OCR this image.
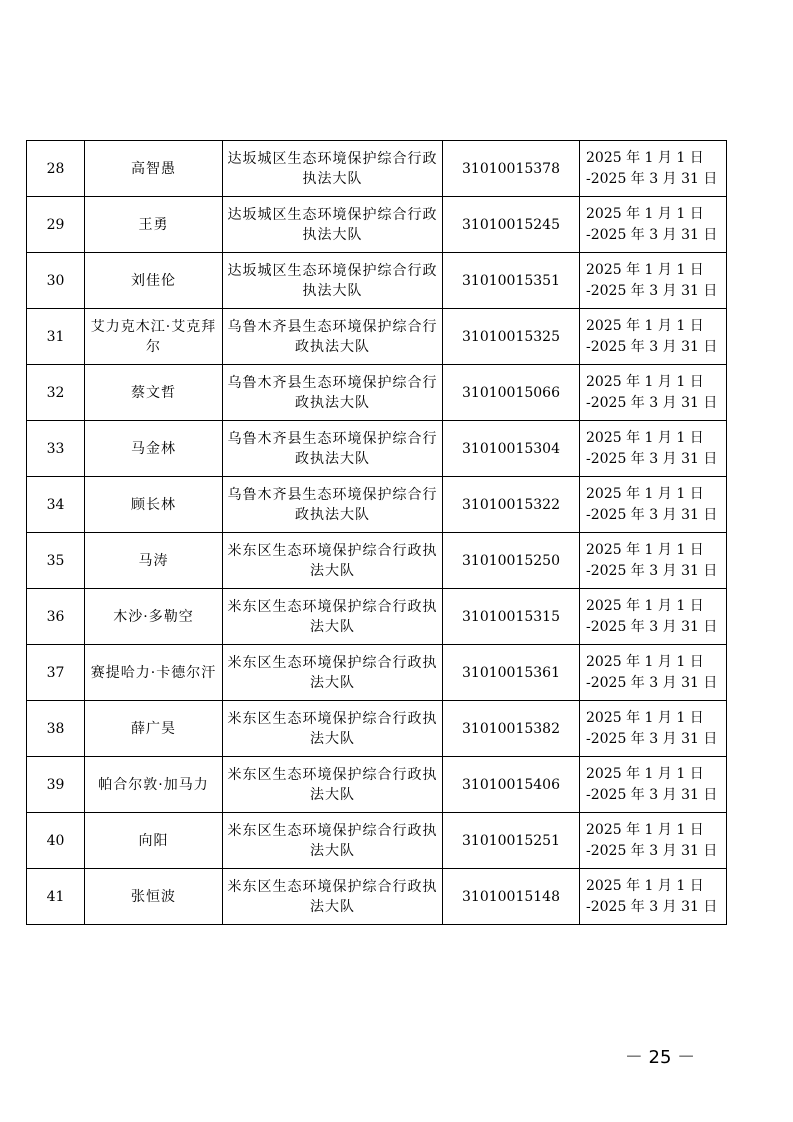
28	高智愚	达坂城区生态环境保护综合行政执法大队	31010015378	2025 年 1 月 1 日
-2025 年 3 月 31 日

29	王勇	达坂城区生态环境保护综合行政执法大队	31010015245	2025 年 1 月 1 日
-2025 年 3 月 31 日

30	刘佳伦	达坂城区生态环境保护综合行政执法大队	31010015351	2025 年 1 月 1 日
-2025 年 3 月 31 日

31	艾力克木江·艾克拜尔	乌鲁木齐县生态环境保护综合行政执法大队	31010015325	2025 年 1 月 1 日
-2025 年 3 月 31 日

32	蔡文哲	乌鲁木齐县生态环境保护综合行政执法大队	31010015066	2025 年 1 月 1 日
-2025 年 3 月 31 日

33	马金林	乌鲁木齐县生态环境保护综合行政执法大队	31010015304	2025 年 1 月 1 日
-2025 年 3 月 31 日

34	顾长林	乌鲁木齐县生态环境保护综合行政执法大队	31010015322	2025 年 1 月 1 日
-2025 年 3 月 31 日

35	马涛	米东区生态环境保护综合行政执法大队	31010015250	2025 年 1 月 1 日
-2025 年 3 月 31 日

36	木沙·多勒空	米东区生态环境保护综合行政执法大队	31010015315	2025 年 1 月 1 日
-2025 年 3 月 31 日

37	赛提哈力·卡德尔汗	米东区生态环境保护综合行政执法大队	31010015361	2025 年 1 月 1 日
-2025 年 3 月 31 日

38	薛广昊	米东区生态环境保护综合行政执法大队	31010015382	2025 年 1 月 1 日
-2025 年 3 月 31 日

39	帕合尔敦·加马力	米东区生态环境保护综合行政执法大队	31010015406	2025 年 1 月 1 日
-2025 年 3 月 31 日

40	向阳	米东区生态环境保护综合行政执法大队	31010015251	2025 年 1 月 1 日
-2025 年 3 月 31 日

41	张恒波	米东区生态环境保护综合行政执法大队	31010015148	2025 年 1 月 1 日
-2025 年 3 月 31 日
－ 25 －
